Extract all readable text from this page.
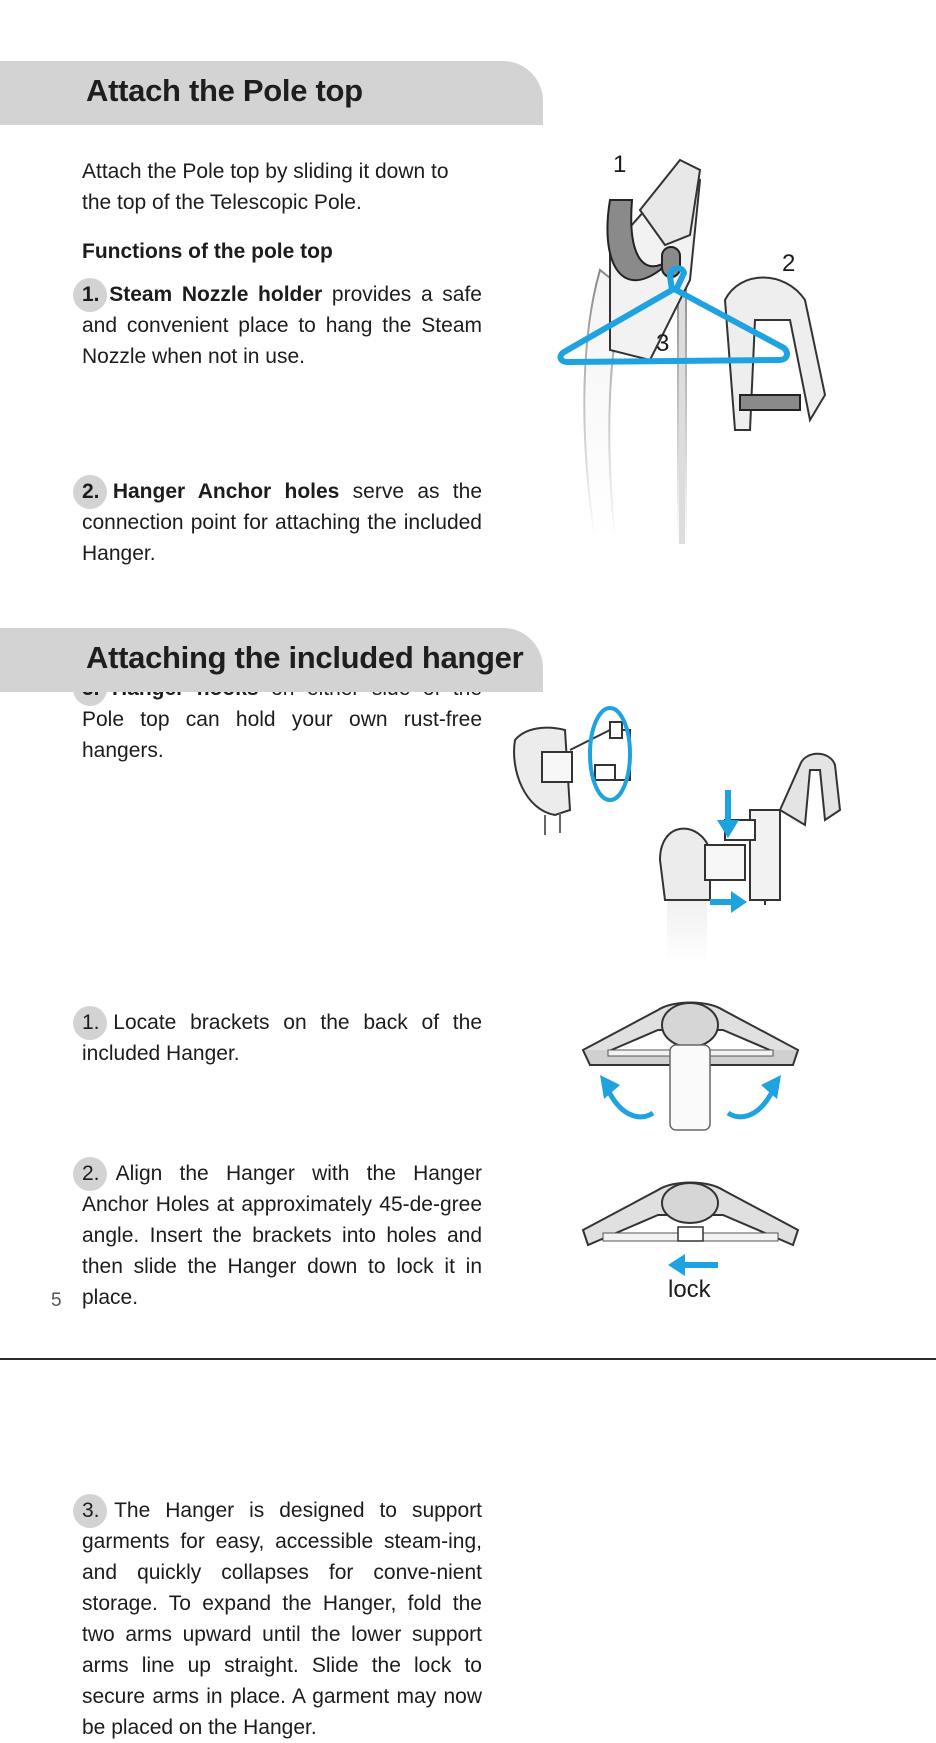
Attach the Pole top

Attach the Pole top by sliding it down to the top of the Telescopic Pole.

Functions of the pole top

1. Steam Nozzle holder provides a safe and convenient place to hang the Steam Nozzle when not in use.

2. Hanger Anchor holes serve as the connection point for attaching the included Hanger.

Pole top can hold your own rust-free hangers.

1
2
3
Attaching the included hanger

1. Locate brackets on the back of the included Hanger.

2. Align the Hanger with the Hanger Anchor Holes at approximately 45-de-gree angle. Insert the brackets into holes and then slide the Hanger down to lock it in place.

3. The Hanger is designed to support garments for easy, accessible steam-ing, and quickly collapses for conve-nient storage. To expand the Hanger, fold the two arms upward until the lower support arms line up straight. Slide the lock to secure arms in place. A garment may now be placed on the Hanger.

lock
5
